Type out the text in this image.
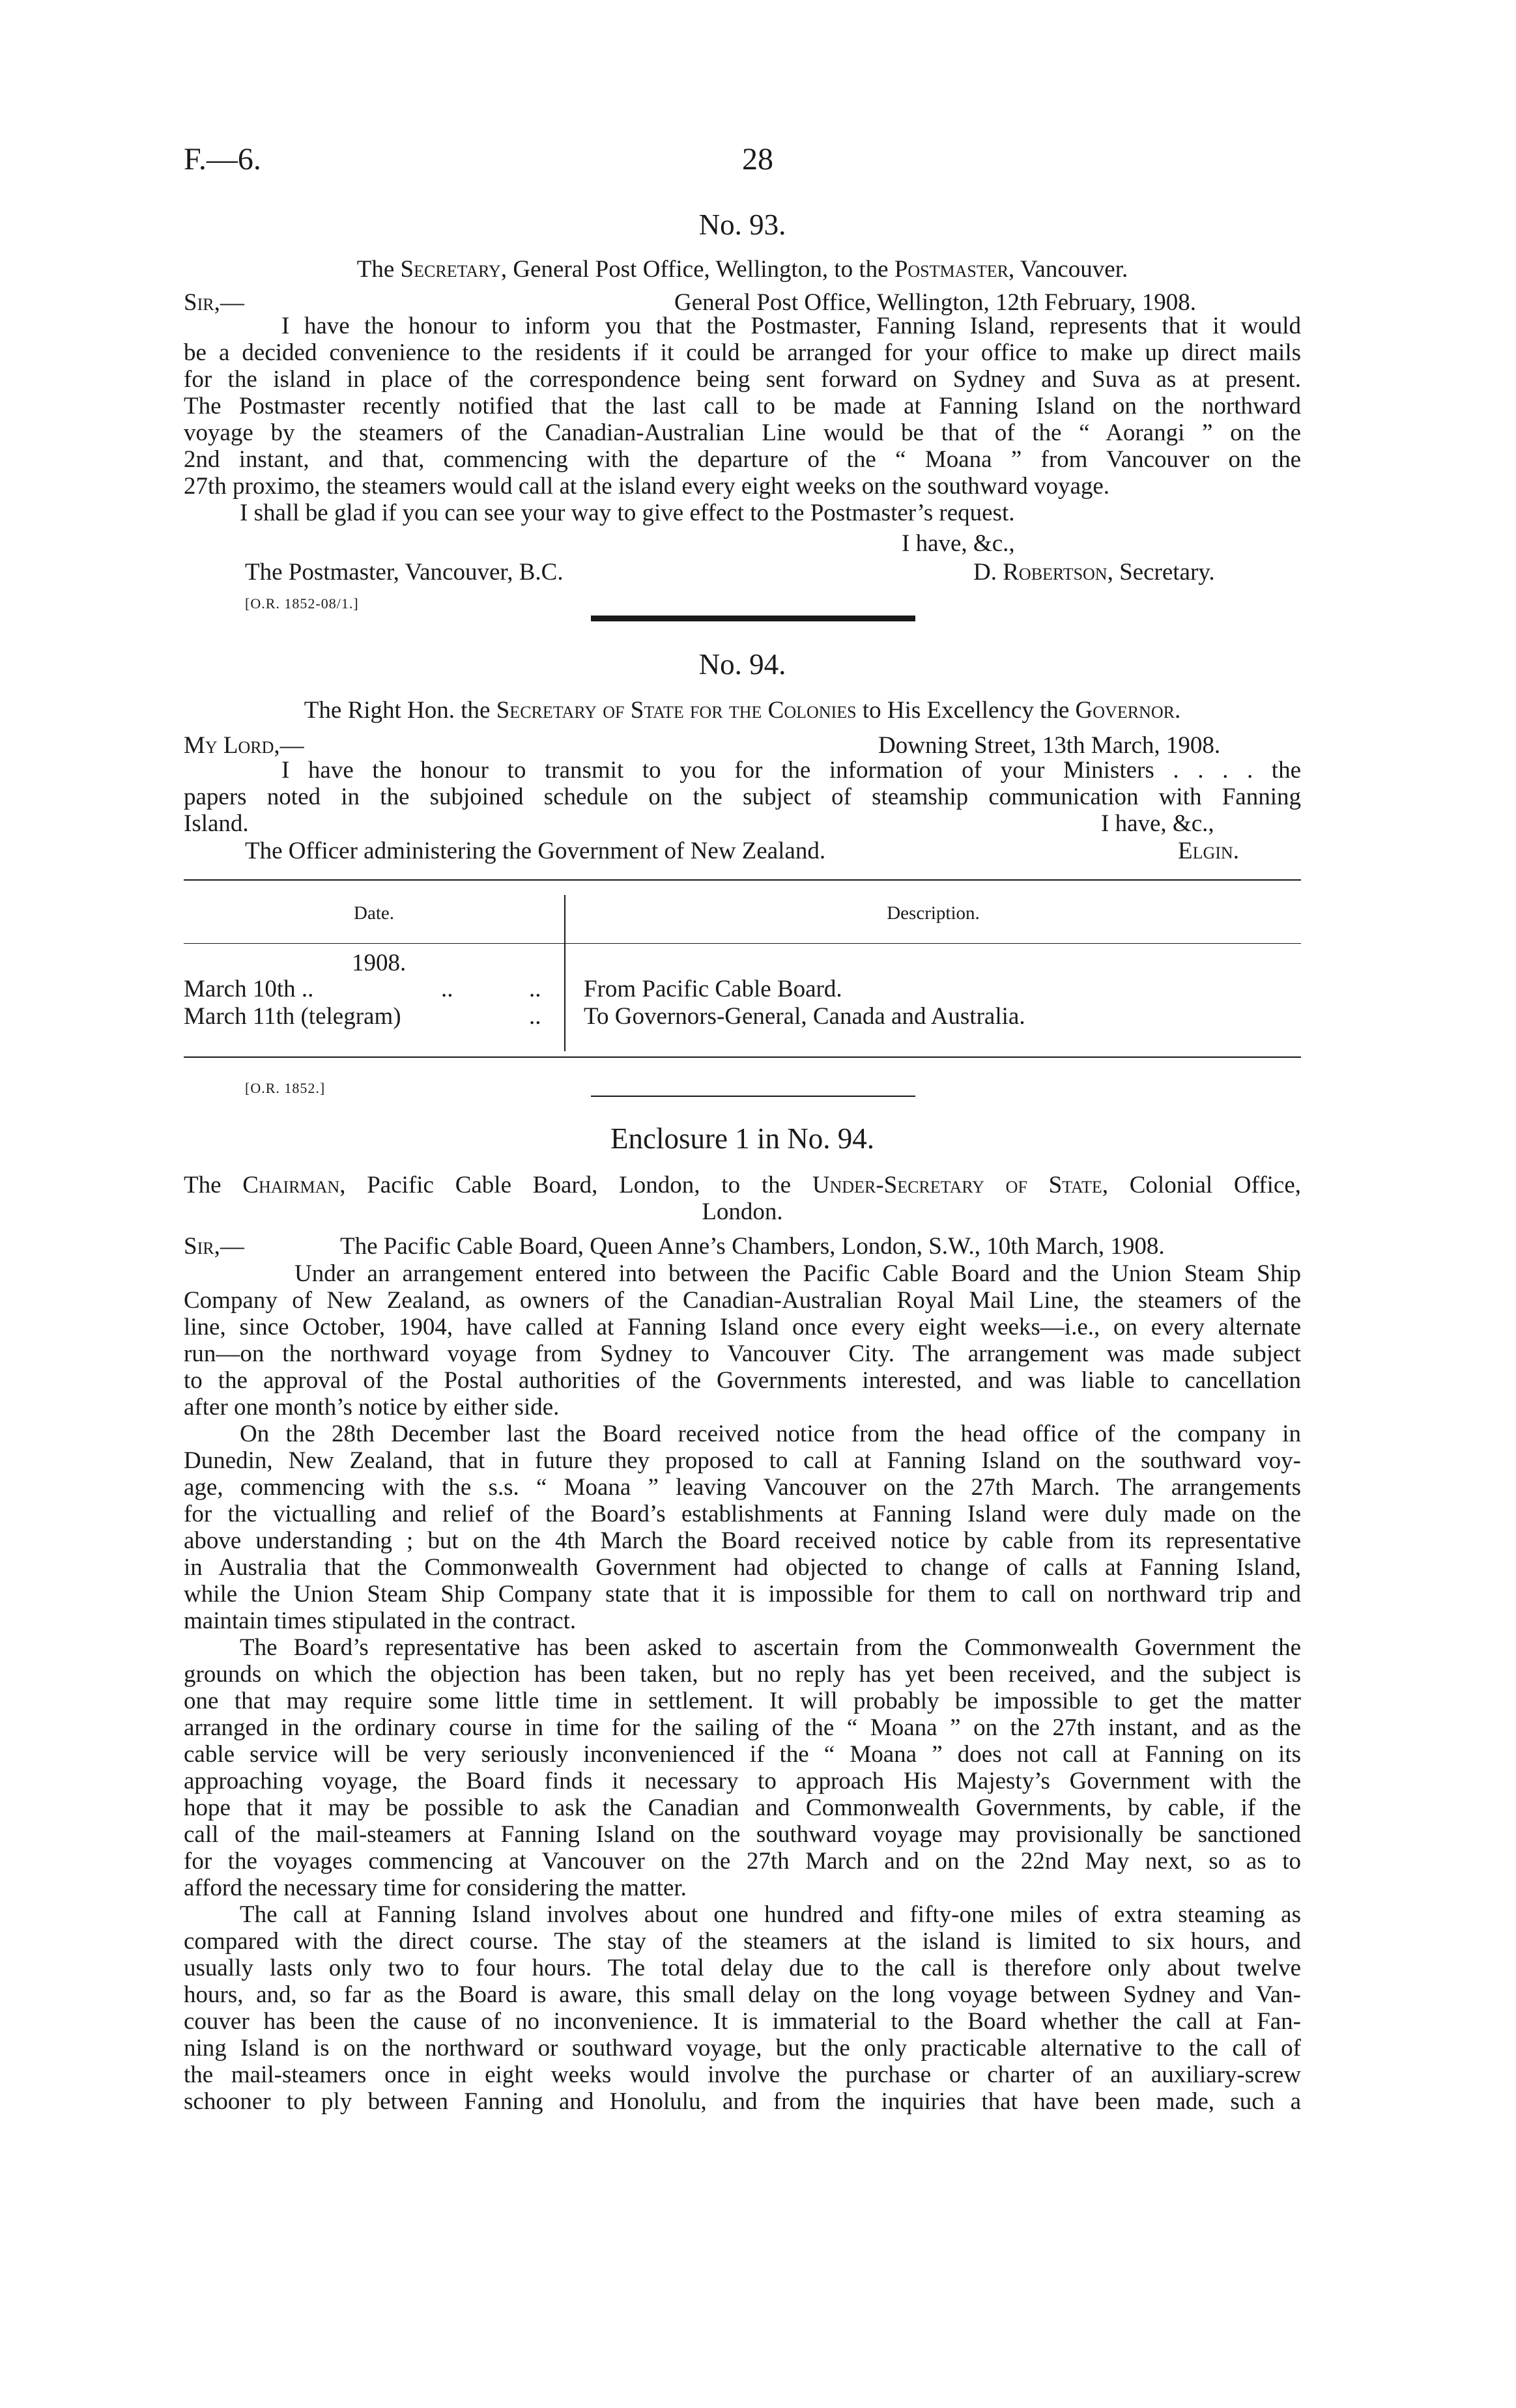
F.—6.	28
No. 93.
The Secretary, General Post Office, Wellington, to the Postmaster, Vancouver.
Sir,—	General Post Office, Wellington, 12th February, 1908.

I have the honour to inform you that the Postmaster, Fanning Island, represents that it would

be a decided convenience to the residents if it could be arranged for your office to make up direct mails

for the island in place of the correspondence being sent forward on Sydney and Suva as at present.

The Postmaster recently notified that the last call to be made at Fanning Island on the northward

voyage by the steamers of the Canadian-Australian Line would be that of the “ Aorangi ” on the

2nd instant, and that, commencing with the departure of the “ Moana ” from Vancouver on the

27th proximo, the steamers would call at the island every eight weeks on the southward voyage.

I shall be glad if you can see your way to give effect to the Postmaster’s request.

I have, &c.,
The Postmaster, Vancouver, B.C.	D. Robertson, Secretary.
[O.R. 1852-08/1.]
No. 94.
The Right Hon. the Secretary of State for the Colonies to His Excellency the Governor.
My Lord,—	Downing Street, 13th March, 1908.

I have the honour to transmit to you for the information of your Ministers . . . . the

papers noted in the subjoined schedule on the subject of steamship communication with Fanning

Island.	I have, &c.,
The Officer administering the Government of New Zealand.	Elgin.
Date.	Description.
1908.
March 10th ..	..	.. From Pacific Cable Board.
March 11th (telegram)	.. To Governors-General, Canada and Australia.
[O.R. 1852.]
Enclosure 1 in No. 94.
The Chairman, Pacific Cable Board, London, to the Under-Secretary of State, Colonial Office,
London.
Sir,—	The Pacific Cable Board, Queen Anne’s Chambers, London, S.W., 10th March, 1908.

Under an arrangement entered into between the Pacific Cable Board and the Union Steam Ship

Company of New Zealand, as owners of the Canadian-Australian Royal Mail Line, the steamers of the

line, since October, 1904, have called at Fanning Island once every eight weeks—i.e., on every alternate

run—on the northward voyage from Sydney to Vancouver City. The arrangement was made subject

to the approval of the Postal authorities of the Governments interested, and was liable to cancellation

after one month’s notice by either side.

On the 28th December last the Board received notice from the head office of the company in

Dunedin, New Zealand, that in future they proposed to call at Fanning Island on the southward voy-

age, commencing with the s.s. “ Moana ” leaving Vancouver on the 27th March. The arrangements

for the victualling and relief of the Board’s establishments at Fanning Island were duly made on the

above understanding ; but on the 4th March the Board received notice by cable from its representative

in Australia that the Commonwealth Government had objected to change of calls at Fanning Island,

while the Union Steam Ship Company state that it is impossible for them to call on northward trip and

maintain times stipulated in the contract.

The Board’s representative has been asked to ascertain from the Commonwealth Government the

grounds on which the objection has been taken, but no reply has yet been received, and the subject is

one that may require some little time in settlement. It will probably be impossible to get the matter

arranged in the ordinary course in time for the sailing of the “ Moana ” on the 27th instant, and as the

cable service will be very seriously inconvenienced if the “ Moana ” does not call at Fanning on its

approaching voyage, the Board finds it necessary to approach His Majesty’s Government with the

hope that it may be possible to ask the Canadian and Commonwealth Governments, by cable, if the

call of the mail-steamers at Fanning Island on the southward voyage may provisionally be sanctioned

for the voyages commencing at Vancouver on the 27th March and on the 22nd May next, so as to

afford the necessary time for considering the matter.

The call at Fanning Island involves about one hundred and fifty-one miles of extra steaming as

compared with the direct course. The stay of the steamers at the island is limited to six hours, and

usually lasts only two to four hours. The total delay due to the call is therefore only about twelve

hours, and, so far as the Board is aware, this small delay on the long voyage between Sydney and Van-

couver has been the cause of no inconvenience. It is immaterial to the Board whether the call at Fan-

ning Island is on the northward or southward voyage, but the only practicable alternative to the call of

the mail-steamers once in eight weeks would involve the purchase or charter of an auxiliary-screw

schooner to ply between Fanning and Honolulu, and from the inquiries that have been made, such a
